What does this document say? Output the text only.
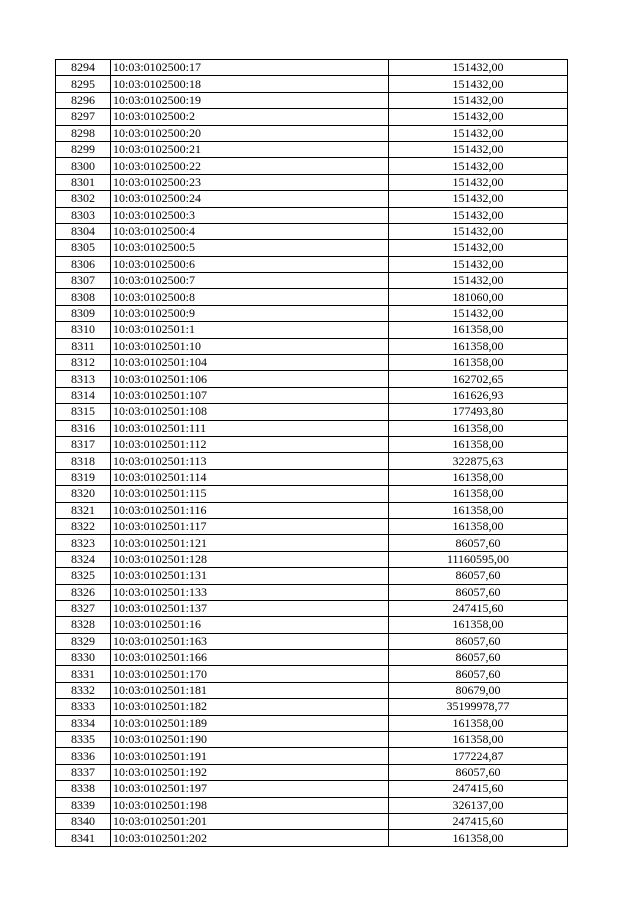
8294	10:03:0102500:17	151432,00
8295	10:03:0102500:18	151432,00
8296	10:03:0102500:19	151432,00
8297	10:03:0102500:2	151432,00
8298	10:03:0102500:20	151432,00
8299	10:03:0102500:21	151432,00
8300	10:03:0102500:22	151432,00
8301	10:03:0102500:23	151432,00
8302	10:03:0102500:24	151432,00
8303	10:03:0102500:3	151432,00
8304	10:03:0102500:4	151432,00
8305	10:03:0102500:5	151432,00
8306	10:03:0102500:6	151432,00
8307	10:03:0102500:7	151432,00
8308	10:03:0102500:8	181060,00
8309	10:03:0102500:9	151432,00
8310	10:03:0102501:1	161358,00
8311	10:03:0102501:10	161358,00
8312	10:03:0102501:104	161358,00
8313	10:03:0102501:106	162702,65
8314	10:03:0102501:107	161626,93
8315	10:03:0102501:108	177493,80
8316	10:03:0102501:111	161358,00
8317	10:03:0102501:112	161358,00
8318	10:03:0102501:113	322875,63
8319	10:03:0102501:114	161358,00
8320	10:03:0102501:115	161358,00
8321	10:03:0102501:116	161358,00
8322	10:03:0102501:117	161358,00
8323	10:03:0102501:121	86057,60
8324	10:03:0102501:128	11160595,00
8325	10:03:0102501:131	86057,60
8326	10:03:0102501:133	86057,60
8327	10:03:0102501:137	247415,60
8328	10:03:0102501:16	161358,00
8329	10:03:0102501:163	86057,60
8330	10:03:0102501:166	86057,60
8331	10:03:0102501:170	86057,60
8332	10:03:0102501:181	80679,00
8333	10:03:0102501:182	35199978,77
8334	10:03:0102501:189	161358,00
8335	10:03:0102501:190	161358,00
8336	10:03:0102501:191	177224,87
8337	10:03:0102501:192	86057,60
8338	10:03:0102501:197	247415,60
8339	10:03:0102501:198	326137,00
8340	10:03:0102501:201	247415,60
8341	10:03:0102501:202	161358,00
